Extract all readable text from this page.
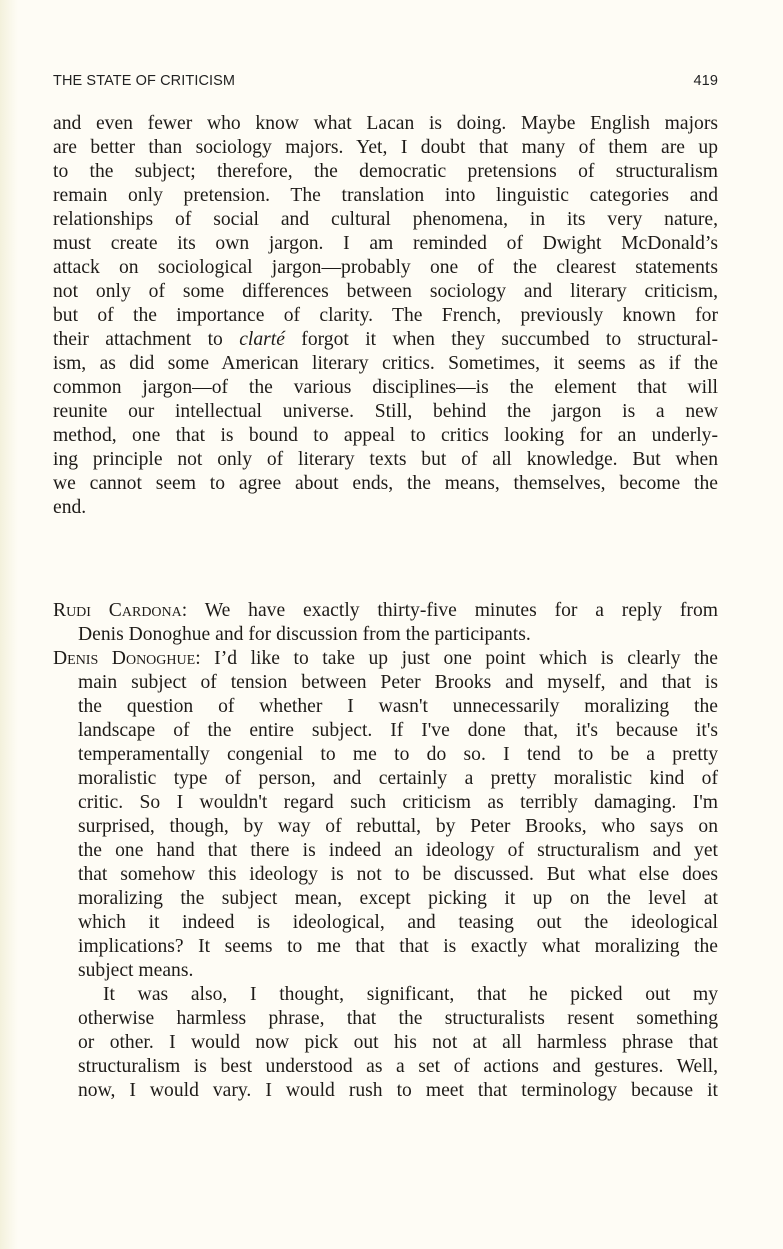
THE STATE OF CRITICISM	419
and even fewer who know what Lacan is doing. Maybe English majors
are better than sociology majors. Yet, I doubt that many of them are up
to the subject; therefore, the democratic pretensions of structuralism
remain only pretension. The translation into linguistic categories and
relationships of social and cultural phenomena, in its very nature,
must create its own jargon. I am reminded of Dwight McDonald’s
attack on sociological jargon—probably one of the clearest statements
not only of some differences between sociology and literary criticism,
but of the importance of clarity. The French, previously known for
their attachment to clarté forgot it when they succumbed to structural-
ism, as did some American literary critics. Sometimes, it seems as if the
common jargon—of the various disciplines—is the element that will
reunite our intellectual universe. Still, behind the jargon is a new
method, one that is bound to appeal to critics looking for an underly-
ing principle not only of literary texts but of all knowledge. But when
we cannot seem to agree about ends, the means, themselves, become the
end.
Rudi Cardona: We have exactly thirty-five minutes for a reply from
Denis Donoghue and for discussion from the participants.
Denis Donoghue: I’d like to take up just one point which is clearly the
main subject of tension between Peter Brooks and myself, and that is
the question of whether I wasn't unnecessarily moralizing the
landscape of the entire subject. If I've done that, it's because it's
temperamentally congenial to me to do so. I tend to be a pretty
moralistic type of person, and certainly a pretty moralistic kind of
critic. So I wouldn't regard such criticism as terribly damaging. I'm
surprised, though, by way of rebuttal, by Peter Brooks, who says on
the one hand that there is indeed an ideology of structuralism and yet
that somehow this ideology is not to be discussed. But what else does
moralizing the subject mean, except picking it up on the level at
which it indeed is ideological, and teasing out the ideological
implications? It seems to me that that is exactly what moralizing the
subject means.
It was also, I thought, significant, that he picked out my
otherwise harmless phrase, that the structuralists resent something
or other. I would now pick out his not at all harmless phrase that
structuralism is best understood as a set of actions and gestures. Well,
now, I would vary. I would rush to meet that terminology because it
